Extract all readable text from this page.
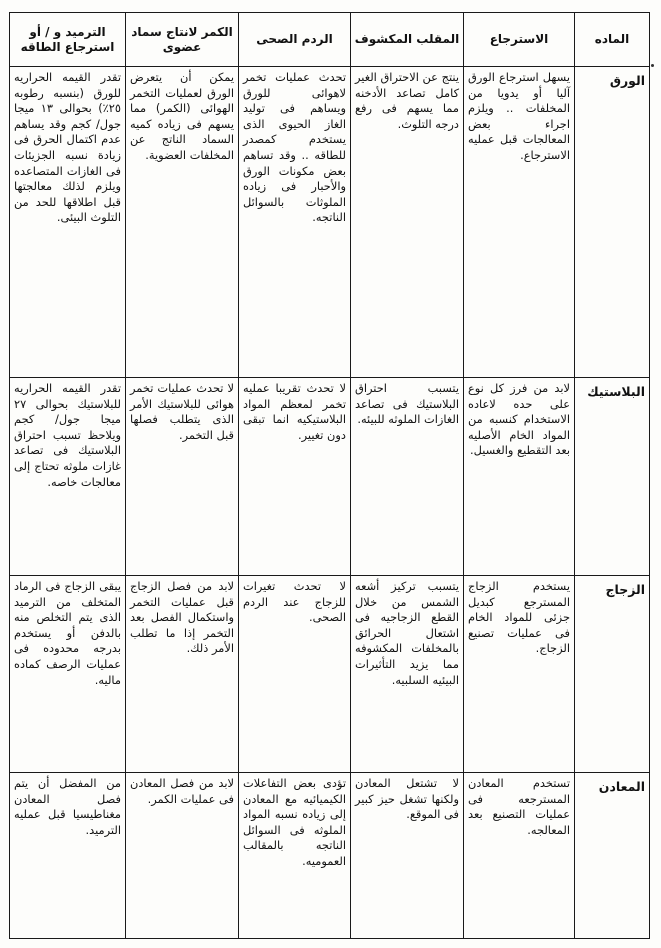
الماده	الاسترجاع	المقلب المكشوف	الردم الصحى	الكمر لانتاج سماد عضوى	الترميد و / أو استرجاع الطاقه
الورق	يسهل استرجاع الورق آليا أو يدويا من المخلفات .. ويلزم اجراء بعض المعالجات قبل عمليه الاسترجاع.	ينتج عن الاحتراق الغير كامل تصاعد الأدخنه مما يسهم فى رفع درجه التلوث.	تحدث عمليات تخمر لاهوائى للورق ويساهم فى توليد الغاز الحيوى الذى يستخدم كمصدر للطاقه .. وقد تساهم بعض مكونات الورق والأحبار فى زياده الملوثات بالسوائل الناتجه.	يمكن أن يتعرض الورق لعمليات التخمر الهوائى (الكمر) مما يسهم فى زياده كميه السماد الناتج عن المخلفات العضوية.	تقدر القيمه الحراريه للورق (بنسبه رطوبه ٢٥٪) بحوالى ١٣ ميجا جول/ كجم وقد يساهم عدم اكتمال الحرق فى زيادة نسبه الجزيئات فى الغازات المتصاعده ويلزم لذلك معالجتها قبل اطلاقها للحد من التلوث البيئى.

البلاستيك	لابد من فرز كل نوع على حده لاعاده الاستخدام كنسبه من المواد الخام الأصليه بعد التقطيع والغسيل.	يتسبب احتراق البلاستيك فى تصاعد الغازات الملوثه للبيئه.	لا تحدث تقريبا عمليه تخمر لمعظم المواد البلاستيكيه انما تبقى دون تغيير.	لا تحدث عمليات تخمر هوائى للبلاستيك الأمر الذى يتطلب فصلها قبل التخمر.	تقدر القيمه الحراريه للبلاستيك بحوالى ٢٧ ميجا جول/ كجم ويلاحظ تسبب احتراق البلاستيك فى تصاعد غازات ملوثه تحتاج إلى معالجات خاصه.

الزجاج	يستخدم الزجاج المسترجع كبديل جزئى للمواد الخام فى عمليات تصنيع الزجاج.	يتسبب تركيز أشعه الشمس من خلال القطع الزجاجيه فى اشتعال الحرائق بالمخلفات المكشوفه مما يزيد التأثيرات البيئيه السلبيه.	لا تحدث تغيرات للزجاج عند الردم الصحى.	لابد من فصل الزجاج قبل عمليات التخمر واستكمال الفصل بعد التخمر إذا ما تطلب الأمر ذلك.	يبقى الزجاج فى الرماد المتخلف من الترميد الذى يتم التخلص منه بالدفن أو يستخدم بدرجه محدوده فى عمليات الرصف كماده ماليه.

المعادن	تستخدم المعادن المسترجعه فى عمليات التصنيع بعد المعالجه.	لا تشتعل المعادن ولكنها تشغل حيز كبير فى الموقع.	تؤدى بعض التفاعلات الكيميائيه مع المعادن إلى زياده نسبه المواد الملوثه فى السوائل الناتجه بالمقالب العموميه.	لابد من فصل المعادن فى عمليات الكمر.	من المفضل أن يتم فصل المعادن مغناطيسيا قبل عمليه الترميد.
